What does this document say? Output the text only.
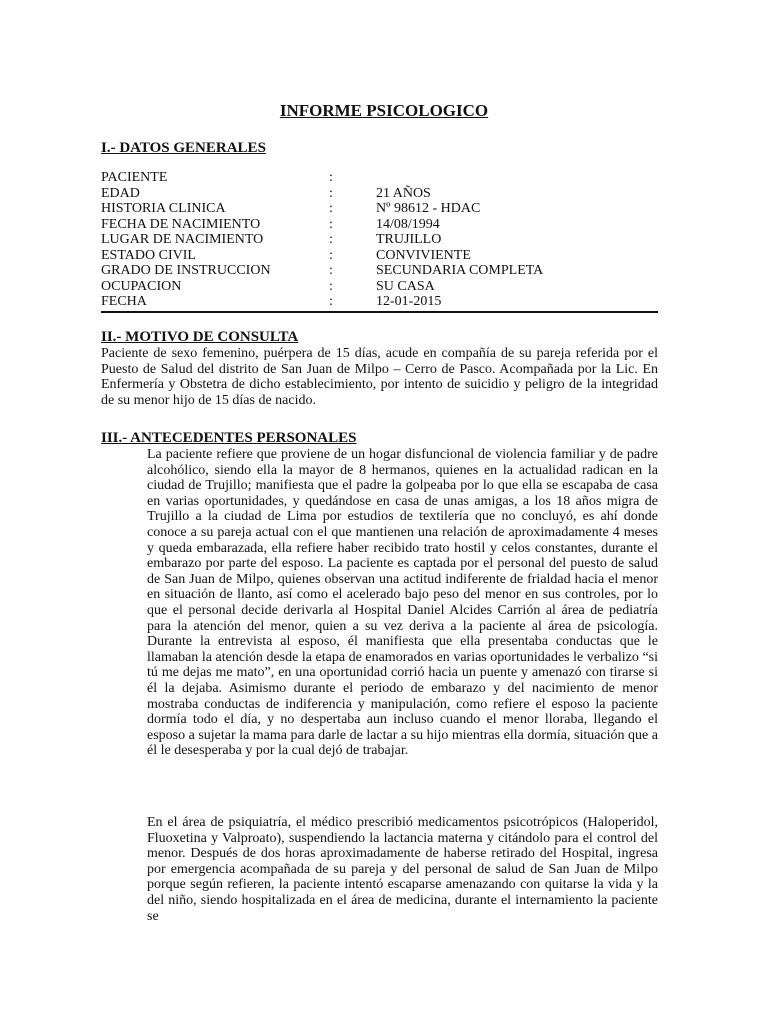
INFORME PSICOLOGICO
I.- DATOS GENERALES
PACIENTE	:
EDAD	:	21 AÑOS
HISTORIA CLINICA	:	Nº 98612 - HDAC
FECHA DE NACIMIENTO	:	14/08/1994
LUGAR DE NACIMIENTO	:	TRUJILLO
ESTADO CIVIL	:	CONVIVIENTE
GRADO DE INSTRUCCION	:	SECUNDARIA COMPLETA
OCUPACION	:	SU CASA
FECHA	:	12-01-2015
II.- MOTIVO DE CONSULTA

Paciente de sexo femenino, puérpera de 15 días, acude en compañía de su pareja referida por el Puesto de Salud del distrito de San Juan de Milpo – Cerro de Pasco. Acompañada por la Lic. En Enfermería y Obstetra de dicho establecimiento, por intento de suicidio y peligro de la integridad de su menor hijo de 15 días de nacido.

III.- ANTECEDENTES PERSONALES

La paciente refiere que proviene de un hogar disfuncional de violencia familiar y de padre alcohólico, siendo ella la mayor de 8 hermanos, quienes en la actualidad radican en la ciudad de Trujillo; manifiesta que el padre la golpeaba por lo que ella se escapaba de casa en varias oportunidades, y quedándose en casa de unas amigas, a los 18 años migra de Trujillo a la ciudad de Lima por estudios de textilería que no concluyó, es ahí donde conoce a su pareja actual con el que mantienen una relación de aproximadamente 4 meses y queda embarazada, ella refiere haber recibido trato hostil y celos constantes, durante el embarazo por parte del esposo. La paciente es captada por el personal del puesto de salud de San Juan de Milpo, quienes observan una actitud indiferente de frialdad hacia el menor en situación de llanto, así como el acelerado bajo peso del menor en sus controles, por lo que el personal decide derivarla al Hospital Daniel Alcides Carrión al área de pediatría para la atención del menor, quien a su vez deriva a la paciente al área de psicología. Durante la entrevista al esposo, él manifiesta que ella presentaba conductas que le llamaban la atención desde la etapa de enamorados en varias oportunidades le verbalizo “si tú me dejas me mato”, en una oportunidad corrió hacia un puente y amenazó con tirarse si él la dejaba. Asimismo durante el periodo de embarazo y del nacimiento de menor mostraba conductas de indiferencia y manipulación, como refiere el esposo la paciente dormía todo el día, y no despertaba aun incluso cuando el menor lloraba, llegando el esposo a sujetar la mama para darle de lactar a su hijo mientras ella dormía, situación que a él le desesperaba y por la cual dejó de trabajar.

En el área de psiquiatría, el médico prescribió medicamentos psicotrópicos (Haloperidol, Fluoxetina y Valproato), suspendiendo la lactancia materna y citándolo para el control del menor. Después de dos horas aproximadamente de haberse retirado del Hospital, ingresa por emergencia acompañada de su pareja y del personal de salud de San Juan de Milpo porque según refieren, la paciente intentó escaparse amenazando con quitarse la vida y la del niño, siendo hospitalizada en el área de medicina, durante el internamiento la paciente se
